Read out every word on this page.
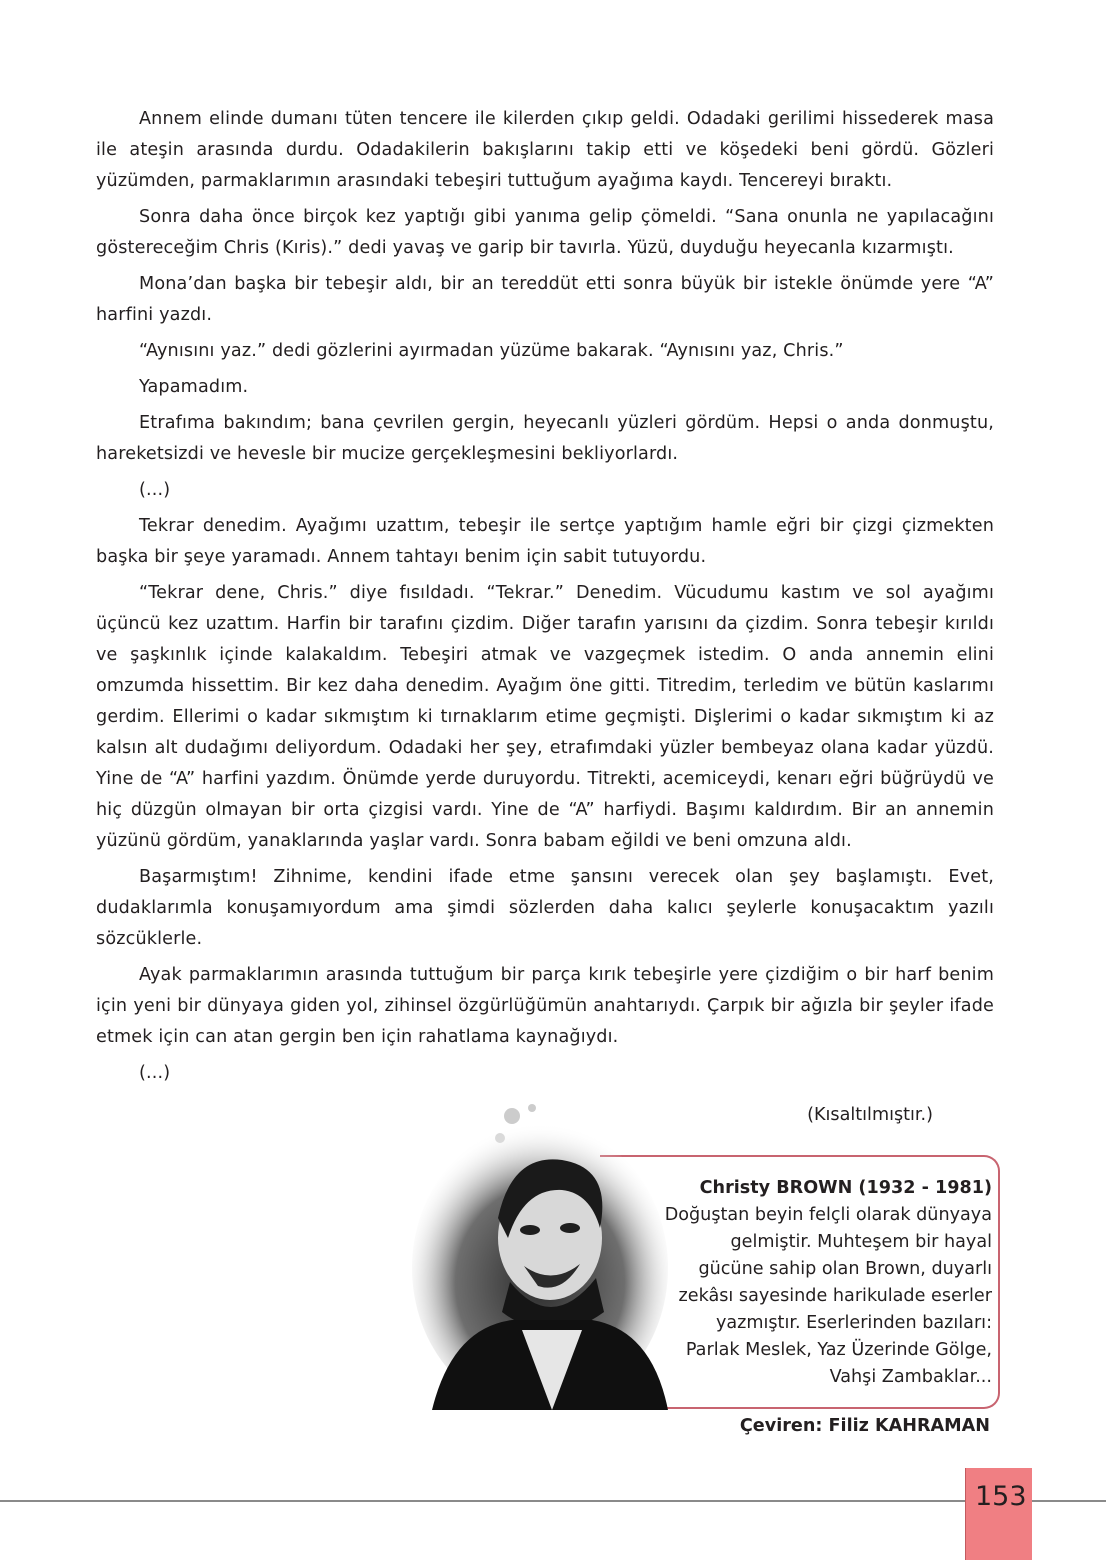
Annem elinde dumanı tüten tencere ile kilerden çıkıp geldi. Odadaki gerilimi hissederek masa ile ateşin arasında durdu. Odadakilerin bakışlarını takip etti ve köşedeki beni gördü. Gözleri yüzümden, parmaklarımın arasındaki tebeşiri tuttuğum ayağıma kaydı. Tencereyi bıraktı.

Sonra daha önce birçok kez yaptığı gibi yanıma gelip çömeldi. “Sana onunla ne yapılacağını göstereceğim Chris (Kıris).” dedi yavaş ve garip bir tavırla. Yüzü, duyduğu heyecanla kızarmıştı.

Mona’dan başka bir tebeşir aldı, bir an tereddüt etti sonra büyük bir istekle önümde yere “A” harfini yazdı.

“Aynısını yaz.” dedi gözlerini ayırmadan yüzüme bakarak. “Aynısını yaz, Chris.”

Yapamadım.

Etrafıma bakındım; bana çevrilen gergin, heyecanlı yüzleri gördüm. Hepsi o anda donmuştu, hareketsizdi ve hevesle bir mucize gerçekleşmesini bekliyorlardı.

(...)

Tekrar denedim. Ayağımı uzattım, tebeşir ile sertçe yaptığım hamle eğri bir çizgi çizmekten başka bir şeye yaramadı. Annem tahtayı benim için sabit tutuyordu.

“Tekrar dene, Chris.” diye fısıldadı. “Tekrar.” Denedim. Vücudumu kastım ve sol ayağımı üçüncü kez uzattım. Harfin bir tarafını çizdim. Diğer tarafın yarısını da çizdim. Sonra tebeşir kırıldı ve şaşkınlık içinde kalakaldım. Tebeşiri atmak ve vazgeçmek istedim. O anda annemin elini omzumda hissettim. Bir kez daha denedim. Ayağım öne gitti. Titredim, terledim ve bütün kaslarımı gerdim. Ellerimi o kadar sıkmıştım ki tırnaklarım etime geçmişti. Dişlerimi o kadar sıkmıştım ki az kalsın alt dudağımı deliyordum. Odadaki her şey, etrafımdaki yüzler bembeyaz olana kadar yüzdü. Yine de “A” harfini yazdım. Önümde yerde duruyordu. Titrekti, acemiceydi, kenarı eğri büğrüydü ve hiç düzgün olmayan bir orta çizgisi vardı. Yine de “A” harfiydi. Başımı kaldırdım. Bir an annemin yüzünü gördüm, yanaklarında yaşlar vardı. Sonra babam eğildi ve beni omzuna aldı.

Başarmıştım! Zihnime, kendini ifade etme şansını verecek olan şey başlamıştı. Evet, dudaklarımla konuşamıyordum ama şimdi sözlerden daha kalıcı şeylerle konuşacaktım yazılı sözcüklerle.

Ayak parmaklarımın arasında tuttuğum bir parça kırık tebeşirle yere çizdiğim o bir harf benim için yeni bir dünyaya giden yol, zihinsel özgürlüğümün anahtarıydı. Çarpık bir ağızla bir şeyler ifade etmek için can atan gergin ben için rahatlama kaynağıydı.

(...)

(Kısaltılmıştır.)
Christy BROWN (1932 - 1981)
Doğuştan beyin felçli olarak dünyaya gelmiştir. Muhteşem bir hayal gücüne sahip olan Brown, duyarlı zekâsı sayesinde harikulade eserler yazmıştır. Eserlerinden bazıları: Parlak Meslek, Yaz Üzerinde Gölge, Vahşi Zambaklar...
Çeviren: Filiz KAHRAMAN
153
